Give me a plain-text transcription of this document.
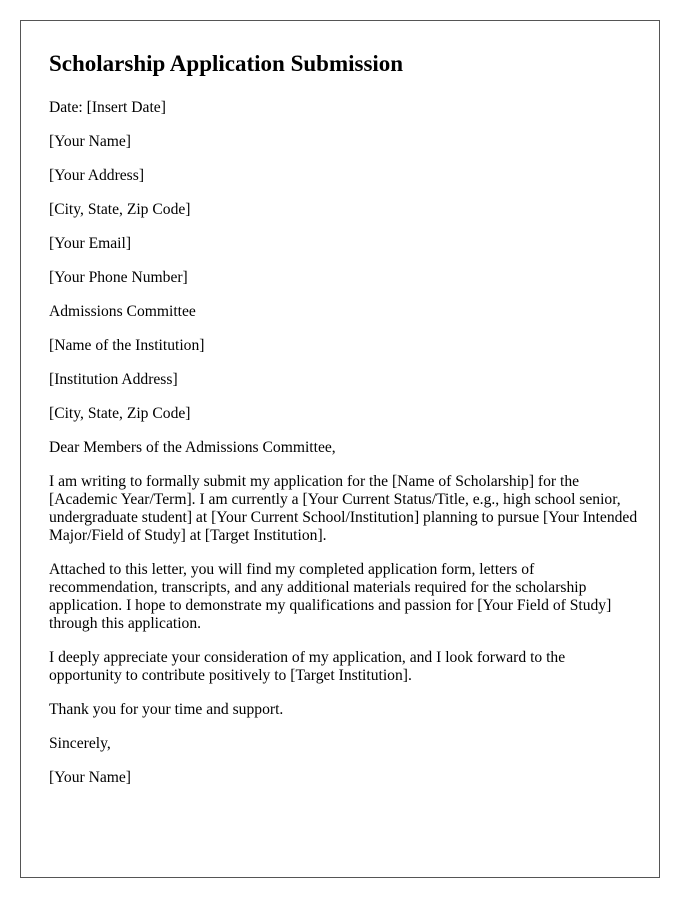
Scholarship Application Submission

Date: [Insert Date]

[Your Name]

[Your Address]

[City, State, Zip Code]

[Your Email]

[Your Phone Number]

Admissions Committee

[Name of the Institution]

[Institution Address]

[City, State, Zip Code]

Dear Members of the Admissions Committee,

I am writing to formally submit my application for the [Name of Scholarship] for the [Academic Year/Term]. I am currently a [Your Current Status/Title, e.g., high school senior, undergraduate student] at [Your Current School/Institution] planning to pursue [Your Intended Major/Field of Study] at [Target Institution].

Attached to this letter, you will find my completed application form, letters of recommendation, transcripts, and any additional materials required for the scholarship application. I hope to demonstrate my qualifications and passion for [Your Field of Study] through this application.

I deeply appreciate your consideration of my application, and I look forward to the opportunity to contribute positively to [Target Institution].

Thank you for your time and support.

Sincerely,

[Your Name]
